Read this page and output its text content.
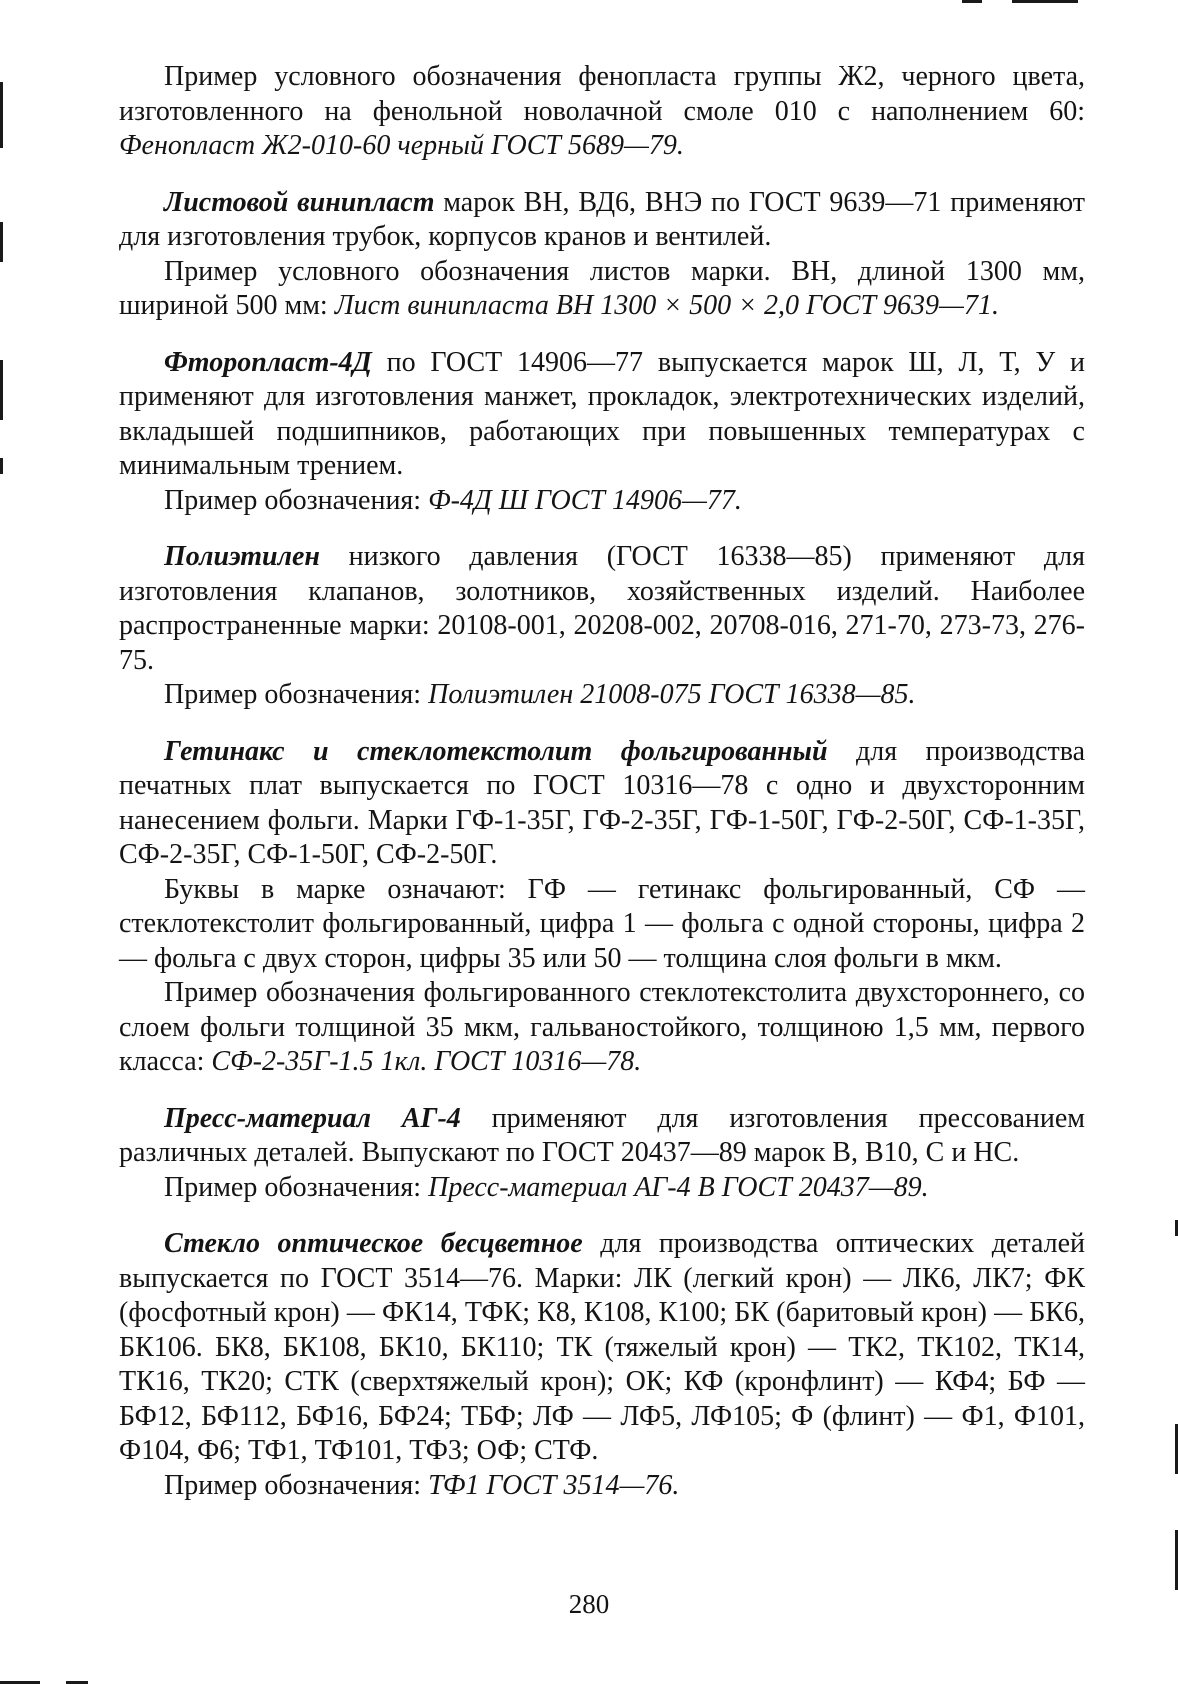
Пример условного обозначения фенопласта группы Ж2, черного цвета, изготовленного на фенольной новолачной смоле 010 с наполнением 60: Фенопласт Ж2-010-60 черный ГОСТ 5689—79.

Листовой винипласт марок ВН, ВД6, ВНЭ по ГОСТ 9639—71 применяют для изготовления трубок, корпусов кранов и вентилей.

Пример условного обозначения листов марки. ВН, длиной 1300 мм, шириной 500 мм: Лист винипласта ВН 1300 × 500 × 2,0 ГОСТ 9639—71.

Фторопласт-4Д по ГОСТ 14906—77 выпускается марок Ш, Л, Т, У и применяют для изготовления манжет, прокладок, электротехнических изделий, вкладышей подшипников, работающих при повышенных температурах с минимальным трением.

Пример обозначения: Ф-4Д Ш ГОСТ 14906—77.

Полиэтилен низкого давления (ГОСТ 16338—85) применяют для изготовления клапанов, золотников, хозяйственных изделий. Наиболее распространенные марки: 20108-001, 20208-002, 20708-016, 271-70, 273-73, 276-75.

Пример обозначения: Полиэтилен 21008-075 ГОСТ 16338—85.

Гетинакс и стеклотекстолит фольгированный для производства печатных плат выпускается по ГОСТ 10316—78 с одно и двухсторонним нанесением фольги. Марки ГФ-1-35Г, ГФ-2-35Г, ГФ-1-50Г, ГФ-2-50Г, СФ-1-35Г, СФ-2-35Г, СФ-1-50Г, СФ-2-50Г.

Буквы в марке означают: ГФ — гетинакс фольгированный, СФ — стеклотекстолит фольгированный, цифра 1 — фольга с одной стороны, цифра 2 — фольга с двух сторон, цифры 35 или 50 — толщина слоя фольги в мкм.

Пример обозначения фольгированного стеклотекстолита двухстороннего, со слоем фольги толщиной 35 мкм, гальваностойкого, толщиною 1,5 мм, первого класса: СФ-2-35Г-1.5 1кл. ГОСТ 10316—78.

Пресс-материал АГ-4 применяют для изготовления прессованием различных деталей. Выпускают по ГОСТ 20437—89 марок В, В10, С и НС.

Пример обозначения: Пресс-материал АГ-4 В ГОСТ 20437—89.

Стекло оптическое бесцветное для производства оптических деталей выпускается по ГОСТ 3514—76. Марки: ЛК (легкий крон) — ЛК6, ЛК7; ФК (фосфотный крон) — ФК14, ТФК; К8, К108, К100; БК (баритовый крон) — БК6, БК106. БК8, БК108, БК10, БК110; ТК (тяжелый крон) — ТК2, ТК102, ТК14, ТК16, ТК20; СТК (сверхтяжелый крон); ОК; КФ (кронфлинт) — КФ4; БФ — БФ12, БФ112, БФ16, БФ24; ТБФ; ЛФ — ЛФ5, ЛФ105; Ф (флинт) — Ф1, Ф101, Ф104, Ф6; ТФ1, ТФ101, ТФ3; ОФ; СТФ.

Пример обозначения: ТФ1 ГОСТ 3514—76.

280
